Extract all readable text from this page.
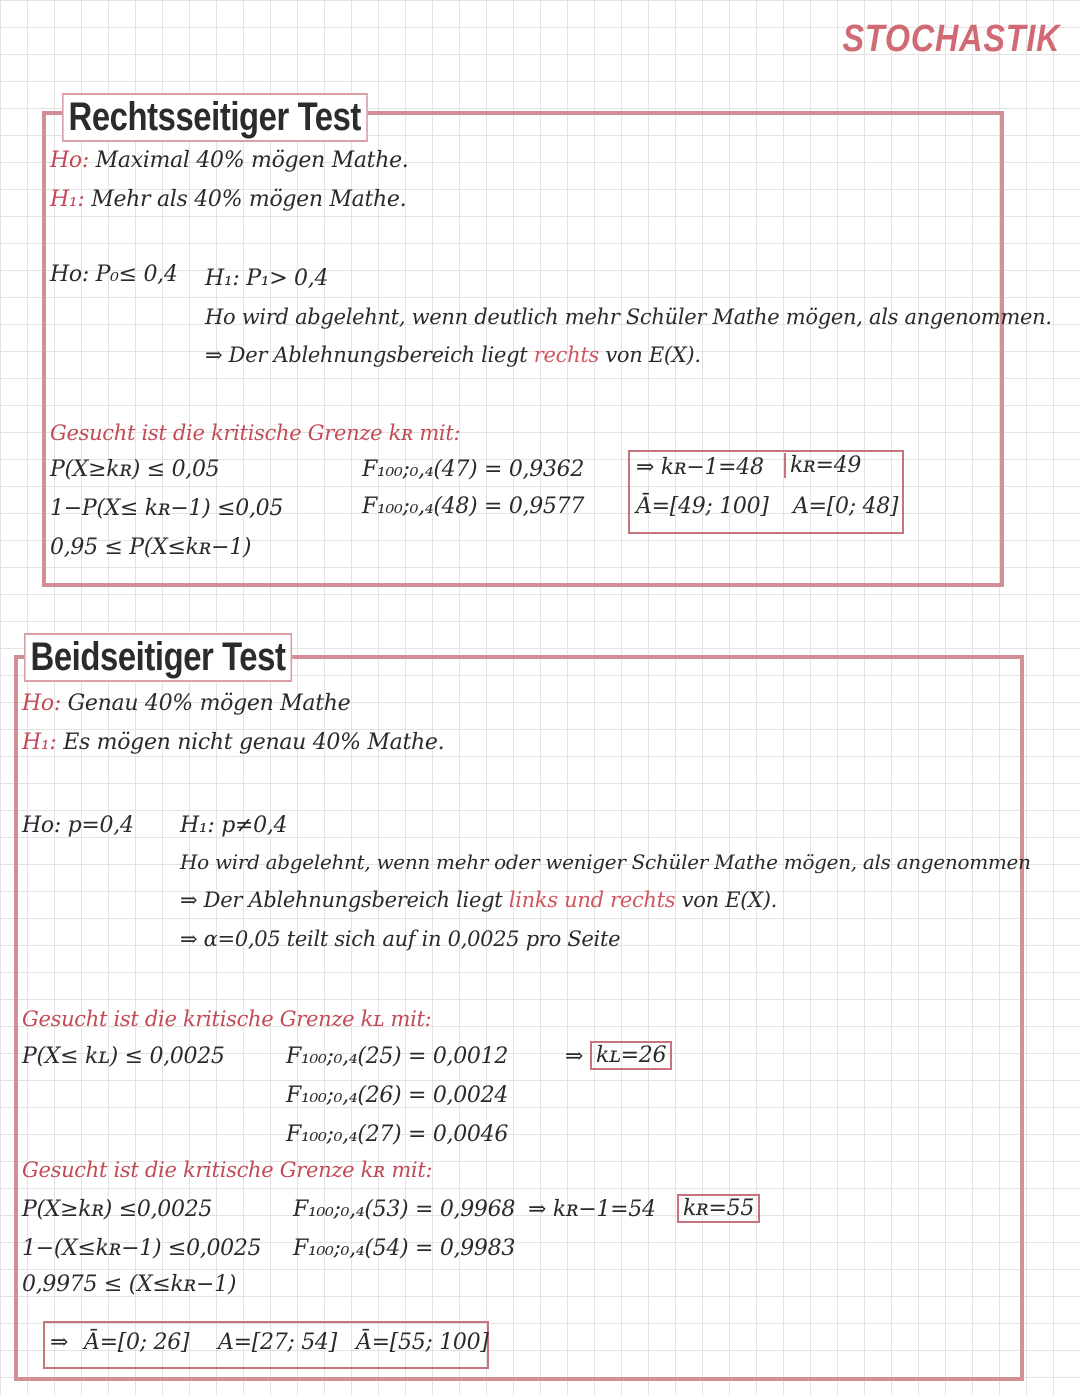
STOCHASTIK
Rechtsseitiger Test
Ho: Maximal 40% mögen Mathe.
H₁: Mehr als 40% mögen Mathe.
Ho: P₀≤ 0,4 H₁: P₁> 0,4
Ho wird abgelehnt, wenn deutlich mehr Schüler Mathe mögen, als angenommen.
⇒ Der Ablehnungsbereich liegt rechts von E(X).
Gesucht ist die kritische Grenze kʀ mit:
P(X≥kʀ) ≤ 0,05
1−P(X≤ kʀ−1) ≤0,05
0,95 ≤ P(X≤kʀ−1)
F₁₀₀;₀,₄(47) = 0,9362
F₁₀₀;₀,₄(48) = 0,9577
⇒ kʀ−1=48 kʀ=49
Ā=[49; 100] A=[0; 48]
Beidseitiger Test
Ho: Genau 40% mögen Mathe
H₁: Es mögen nicht genau 40% Mathe.
Ho: p=0,4 H₁: p≠0,4
Ho wird abgelehnt, wenn mehr oder weniger Schüler Mathe mögen, als angenommen
⇒ Der Ablehnungsbereich liegt links und rechts von E(X).
⇒ α=0,05 teilt sich auf in 0,0025 pro Seite
Gesucht ist die kritische Grenze kʟ mit:
P(X≤ kʟ) ≤ 0,0025	F₁₀₀;₀,₄(25) = 0,0012
F₁₀₀;₀,₄(26) = 0,0024
F₁₀₀;₀,₄(27) = 0,0046
⇒ kʟ=26
Gesucht ist die kritische Grenze kʀ mit:
P(X≥kʀ) ≤0,0025
1−(X≤kʀ−1) ≤0,0025
0,9975 ≤ (X≤kʀ−1)
F₁₀₀;₀,₄(53) = 0,9968
F₁₀₀;₀,₄(54) = 0,9983
⇒ kʀ−1=54 kʀ=55
⇒ Ā=[0; 26] A=[27; 54] Ā=[55; 100]
